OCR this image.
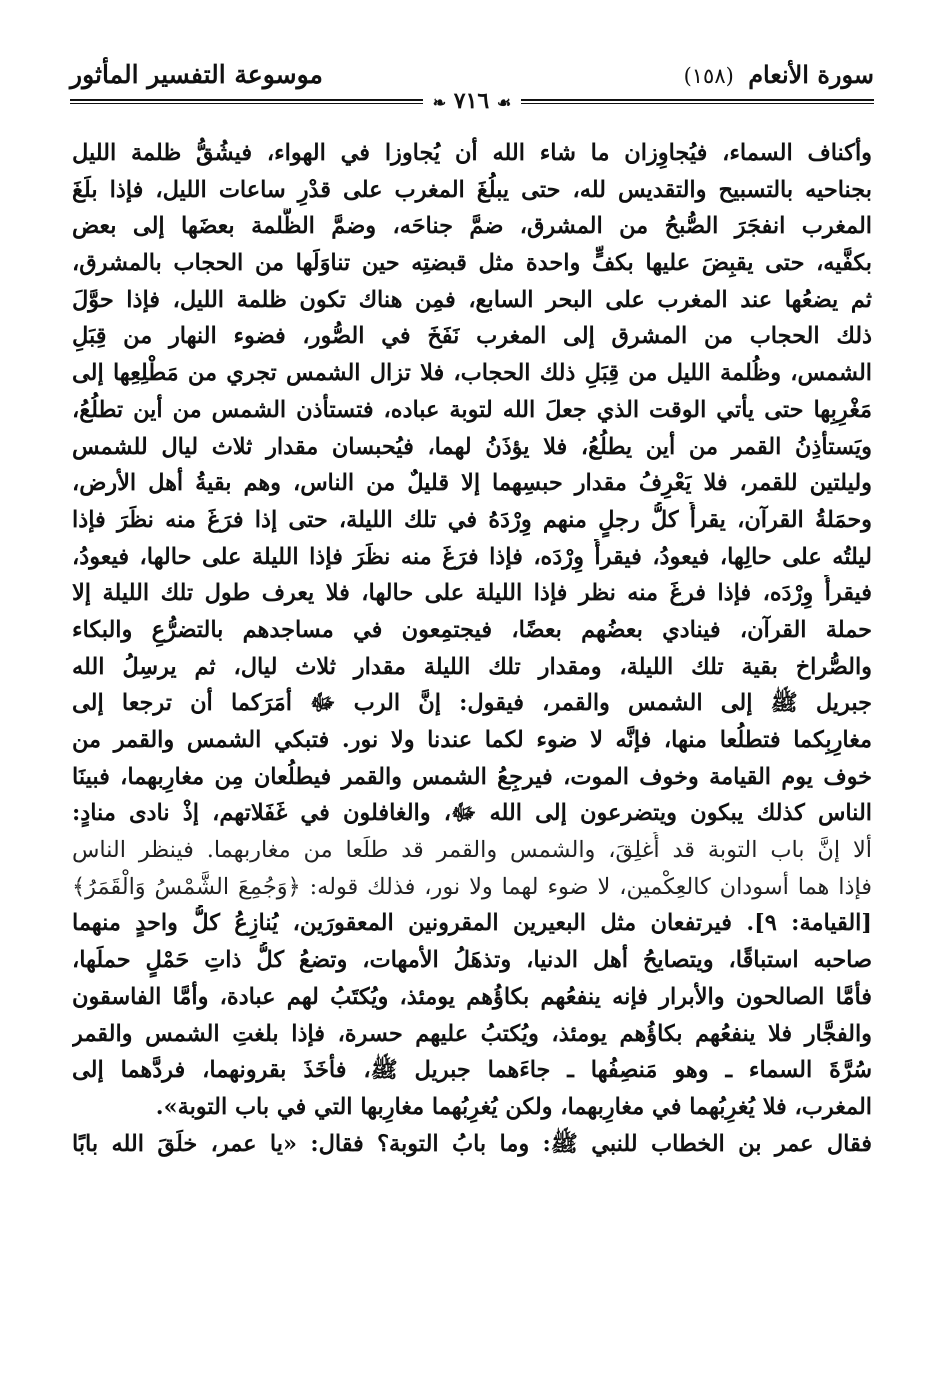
موسوعة التفسير المأثور	سورة الأنعام (١٥٨)
❧ ٧١٦ ☙
وأكناف السماء، فيُجاوِزان ما شاء الله أن يُجاوزا في الهواء، فيشُقُّ ظلمة الليل
بجناحيه بالتسبيح والتقديس لله، حتى يبلُغَ المغرب على قدْرِ ساعات الليل، فإذا بلَغَ
المغرب انفجَرَ الصُّبحُ من المشرق، ضمَّ جناحَه، وضمَّ الظُّلمة بعضَها إلى بعض
بكفَّيه، حتى يقبِضَ عليها بكفٍّ واحدة مثل قبضتِه حين تناوَلَها من الحجاب بالمشرق،
ثم يضعُها عند المغرب على البحر السابع، فمِن هناك تكون ظلمة الليل، فإذا حوَّلَ
ذلك الحجاب من المشرق إلى المغرب نَفَخَ في الصُّور، فضوء النهار من قِبَلِ
الشمس، وظُلمة الليل من قِبَلِ ذلك الحجاب، فلا تزال الشمس تجري من مَطْلِعِها إلى
مَغْرِبِها حتى يأتي الوقت الذي جعلَ الله لتوبة عباده، فتستأذن الشمس من أين تطلُعُ،
ويَستأذِنُ القمر من أين يطلُعُ، فلا يؤذَنُ لهما، فيُحبسان مقدار ثلاث ليال للشمس
وليلتين للقمر، فلا يَعْرِفُ مقدار حبسِهما إلا قليلٌ من الناس، وهم بقيةُ أهل الأرض،
وحمَلةُ القرآن، يقرأُ كلُّ رجلٍ منهم وِرْدَهُ في تلك الليلة، حتى إذا فرَغَ منه نظَرَ فإذا
ليلتُه على حالِها، فيعودُ، فيقرأُ وِرْدَه، فإذا فرَغَ منه نظَرَ فإذا الليلة على حالها، فيعودُ،
فيقرأُ وِرْدَه، فإذا فرغَ منه نظر فإذا الليلة على حالها، فلا يعرف طول تلك الليلة إلا
حملة القرآن، فينادي بعضُهم بعضًا، فيجتمِعون في مساجدهم بالتضرُّعِ والبكاء
والصُّراخ بقية تلك الليلة، ومقدار تلك الليلة مقدار ثلاث ليال، ثم يرسِلُ الله
جبريل ﷺ إلى الشمس والقمر، فيقول: إنَّ الرب ﷻ أمَرَكما أن ترجعا إلى
مغارِبِكما فتطلُعا منها، فإنَّه لا ضوء لكما عندنا ولا نور. فتبكي الشمس والقمر من
خوف يوم القيامة وخوف الموت، فيرجِعُ الشمس والقمر فيطلُعان مِن مغارِبهما، فبينَا
الناس كذلك يبكون ويتضرعون إلى الله ﷻ، والغافلون في غَفَلاتهم، إذْ نادى منادٍ:
ألا إنَّ باب التوبة قد أُغلِقَ، والشمس والقمر قد طلَعا من مغاربهما. فينظر الناس
فإذا هما أسودان كالعِكْمين، لا ضوء لهما ولا نور، فذلك قوله: ﴿وَجُمِعَ الشَّمْسُ وَالْقَمَرُ﴾
[القيامة: ٩]. فيرتفعان مثل البعيرين المقرونين المعقورَين، يُنازِعُ كلُّ واحدٍ منهما
صاحبه استباقًا، ويتصايحُ أهل الدنيا، وتذهَلُ الأمهات، وتضعُ كلُّ ذاتِ حَمْلٍ حملَها،
فأمَّا الصالحون والأبرار فإنه ينفعُهم بكاؤُهم يومئذ، ويُكتَبُ لهم عبادة، وأمَّا الفاسقون
والفجَّار فلا ينفعُهم بكاؤُهم يومئذ، ويُكتبُ عليهم حسرة، فإذا بلغتِ الشمس والقمر
سُرَّةَ السماء ـ وهو مَنصِفُها ـ جاءَهما جبريل ﷺ، فأخَذَ بقرونهما، فردَّهما إلى
المغرب، فلا يُغرِبُهما في مغارِبهما، ولكن يُغرِبُهما مغارِبها التي في باب التوبة».
فقال عمر بن الخطاب للنبي ﷺ: وما بابُ التوبة؟ فقال: «يا عمر، خلَقَ الله بابًا
